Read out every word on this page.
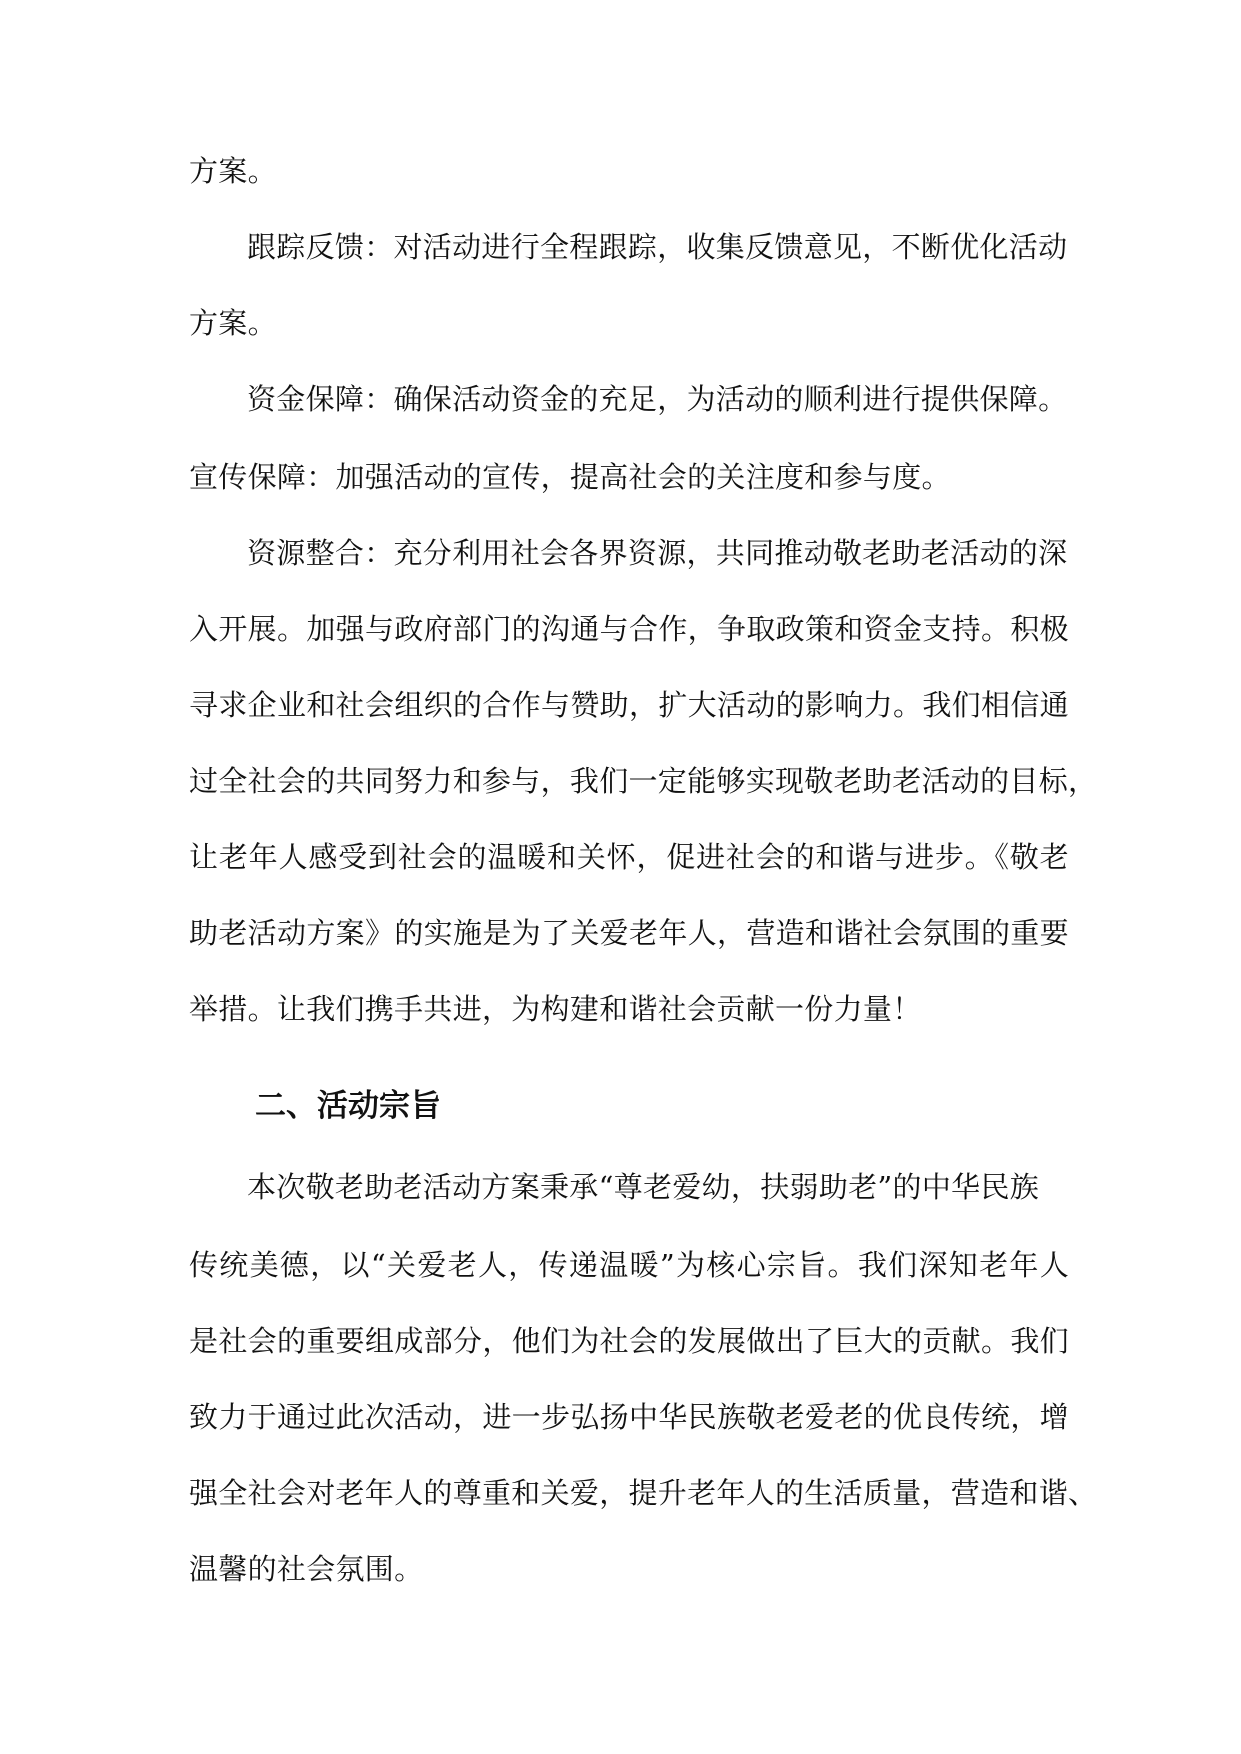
方案。
跟踪反馈：对活动进行全程跟踪，收集反馈意见，不断优化活动
方案。
资金保障：确保活动资金的充足，为活动的顺利进行提供保障。
宣传保障：加强活动的宣传，提高社会的关注度和参与度。
资源整合：充分利用社会各界资源，共同推动敬老助老活动的深
入开展。加强与政府部门的沟通与合作，争取政策和资金支持。积极
寻求企业和社会组织的合作与赞助，扩大活动的影响力。我们相信通
过全社会的共同努力和参与，我们一定能够实现敬老助老活动的目标，
让老年人感受到社会的温暖和关怀，促进社会的和谐与进步。《敬老
助老活动方案》的实施是为了关爱老年人，营造和谐社会氛围的重要
举措。让我们携手共进，为构建和谐社会贡献一份力量！
二、活动宗旨
本次敬老助老活动方案秉承“尊老爱幼，扶弱助老”的中华民族
传统美德，以“关爱老人，传递温暖”为核心宗旨。我们深知老年人
是社会的重要组成部分，他们为社会的发展做出了巨大的贡献。我们
致力于通过此次活动，进一步弘扬中华民族敬老爱老的优良传统，增
强全社会对老年人的尊重和关爱，提升老年人的生活质量，营造和谐、
温馨的社会氛围。
